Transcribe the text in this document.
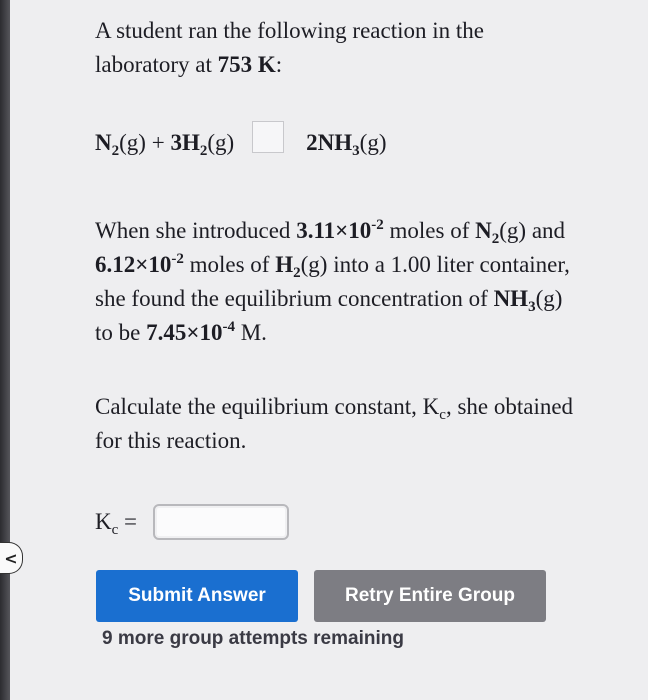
<

A student ran the following reaction in the laboratory at 753 K:

$N_2(g) + 3H_2(g)$	$2NH_3(g)$

When she introduced $3.11\times 10^{-2}$ moles of $N_2(g)$ and $6.12\times 10^{-2}$ moles of $H_2(g)$ into a 1.00 liter container, she found the equilibrium concentration of $NH_3(g)$ to be $7.45\times 10^{-4}$ M.

Calculate the equilibrium constant, $K_c$, she obtained for this reaction.

$K_c$ =
Submit Answer	Retry Entire Group
9 more group attempts remaining
